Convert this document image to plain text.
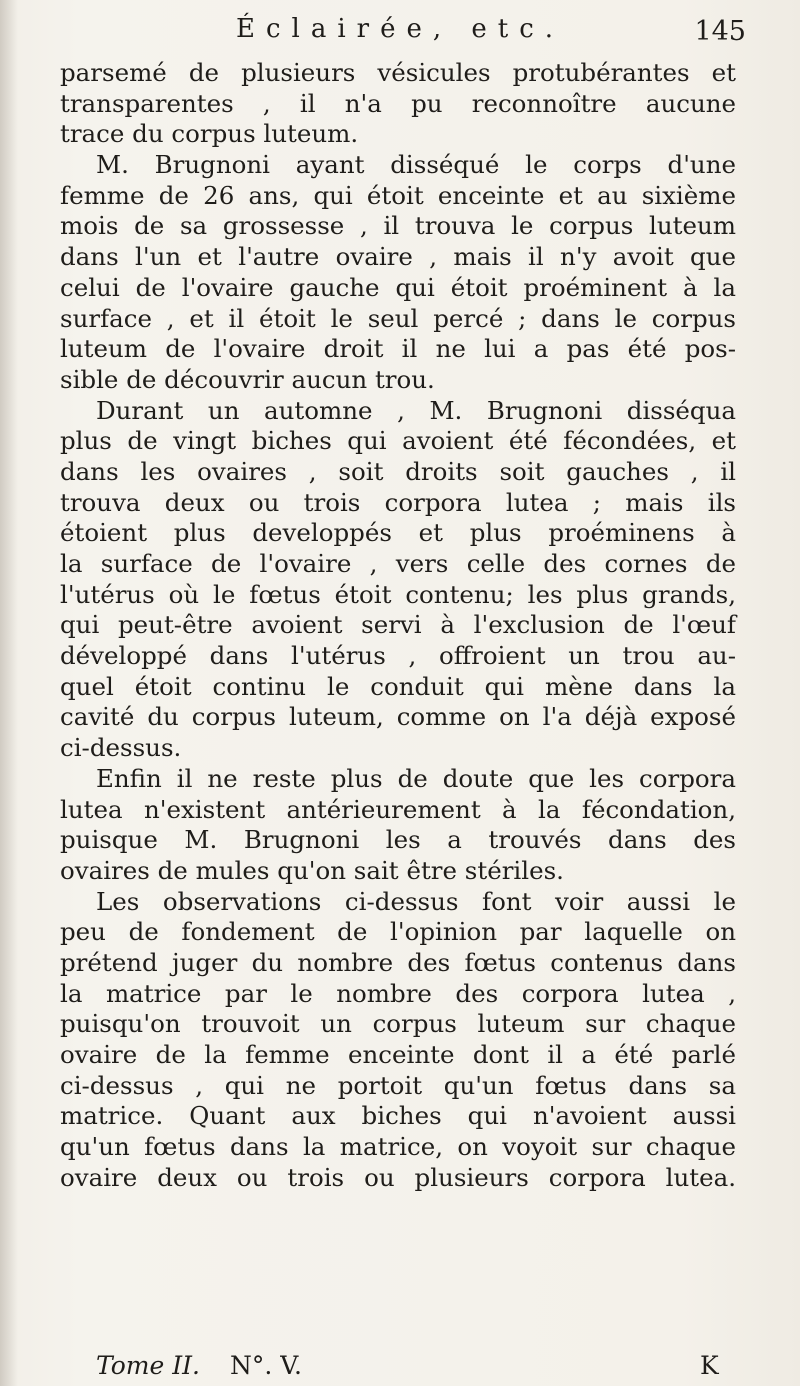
Éclairée, etc.	145
parsemé de plusieurs vésicules protubérantes et
transparentes , il n'a pu reconnoître aucune
trace du corpus luteum.
M. Brugnoni ayant disséqué le corps d'une
femme de 26 ans, qui étoit enceinte et au sixième
mois de sa grossesse , il trouva le corpus luteum
dans l'un et l'autre ovaire , mais il n'y avoit que
celui de l'ovaire gauche qui étoit proéminent à la
surface , et il étoit le seul percé ; dans le corpus
luteum de l'ovaire droit il ne lui a pas été pos-
sible de découvrir aucun trou.
Durant un automne , M. Brugnoni disséqua
plus de vingt biches qui avoient été fécondées, et
dans les ovaires , soit droits soit gauches , il
trouva deux ou trois corpora lutea ; mais ils
étoient plus developpés et plus proéminens à
la surface de l'ovaire , vers celle des cornes de
l'utérus où le fœtus étoit contenu; les plus grands,
qui peut-être avoient servi à l'exclusion de l'œuf
développé dans l'utérus , offroient un trou au-
quel étoit continu le conduit qui mène dans la
cavité du corpus luteum, comme on l'a déjà exposé
ci-dessus.
Enfin il ne reste plus de doute que les corpora
lutea n'existent antérieurement à la fécondation,
puisque M. Brugnoni les a trouvés dans des
ovaires de mules qu'on sait être stériles.
Les observations ci-dessus font voir aussi le
peu de fondement de l'opinion par laquelle on
prétend juger du nombre des fœtus contenus dans
la matrice par le nombre des corpora lutea ,
puisqu'on trouvoit un corpus luteum sur chaque
ovaire de la femme enceinte dont il a été parlé
ci-dessus , qui ne portoit qu'un fœtus dans sa
matrice. Quant aux biches qui n'avoient aussi
qu'un fœtus dans la matrice, on voyoit sur chaque
ovaire deux ou trois ou plusieurs corpora lutea.
Tome II. N°. V.	K
